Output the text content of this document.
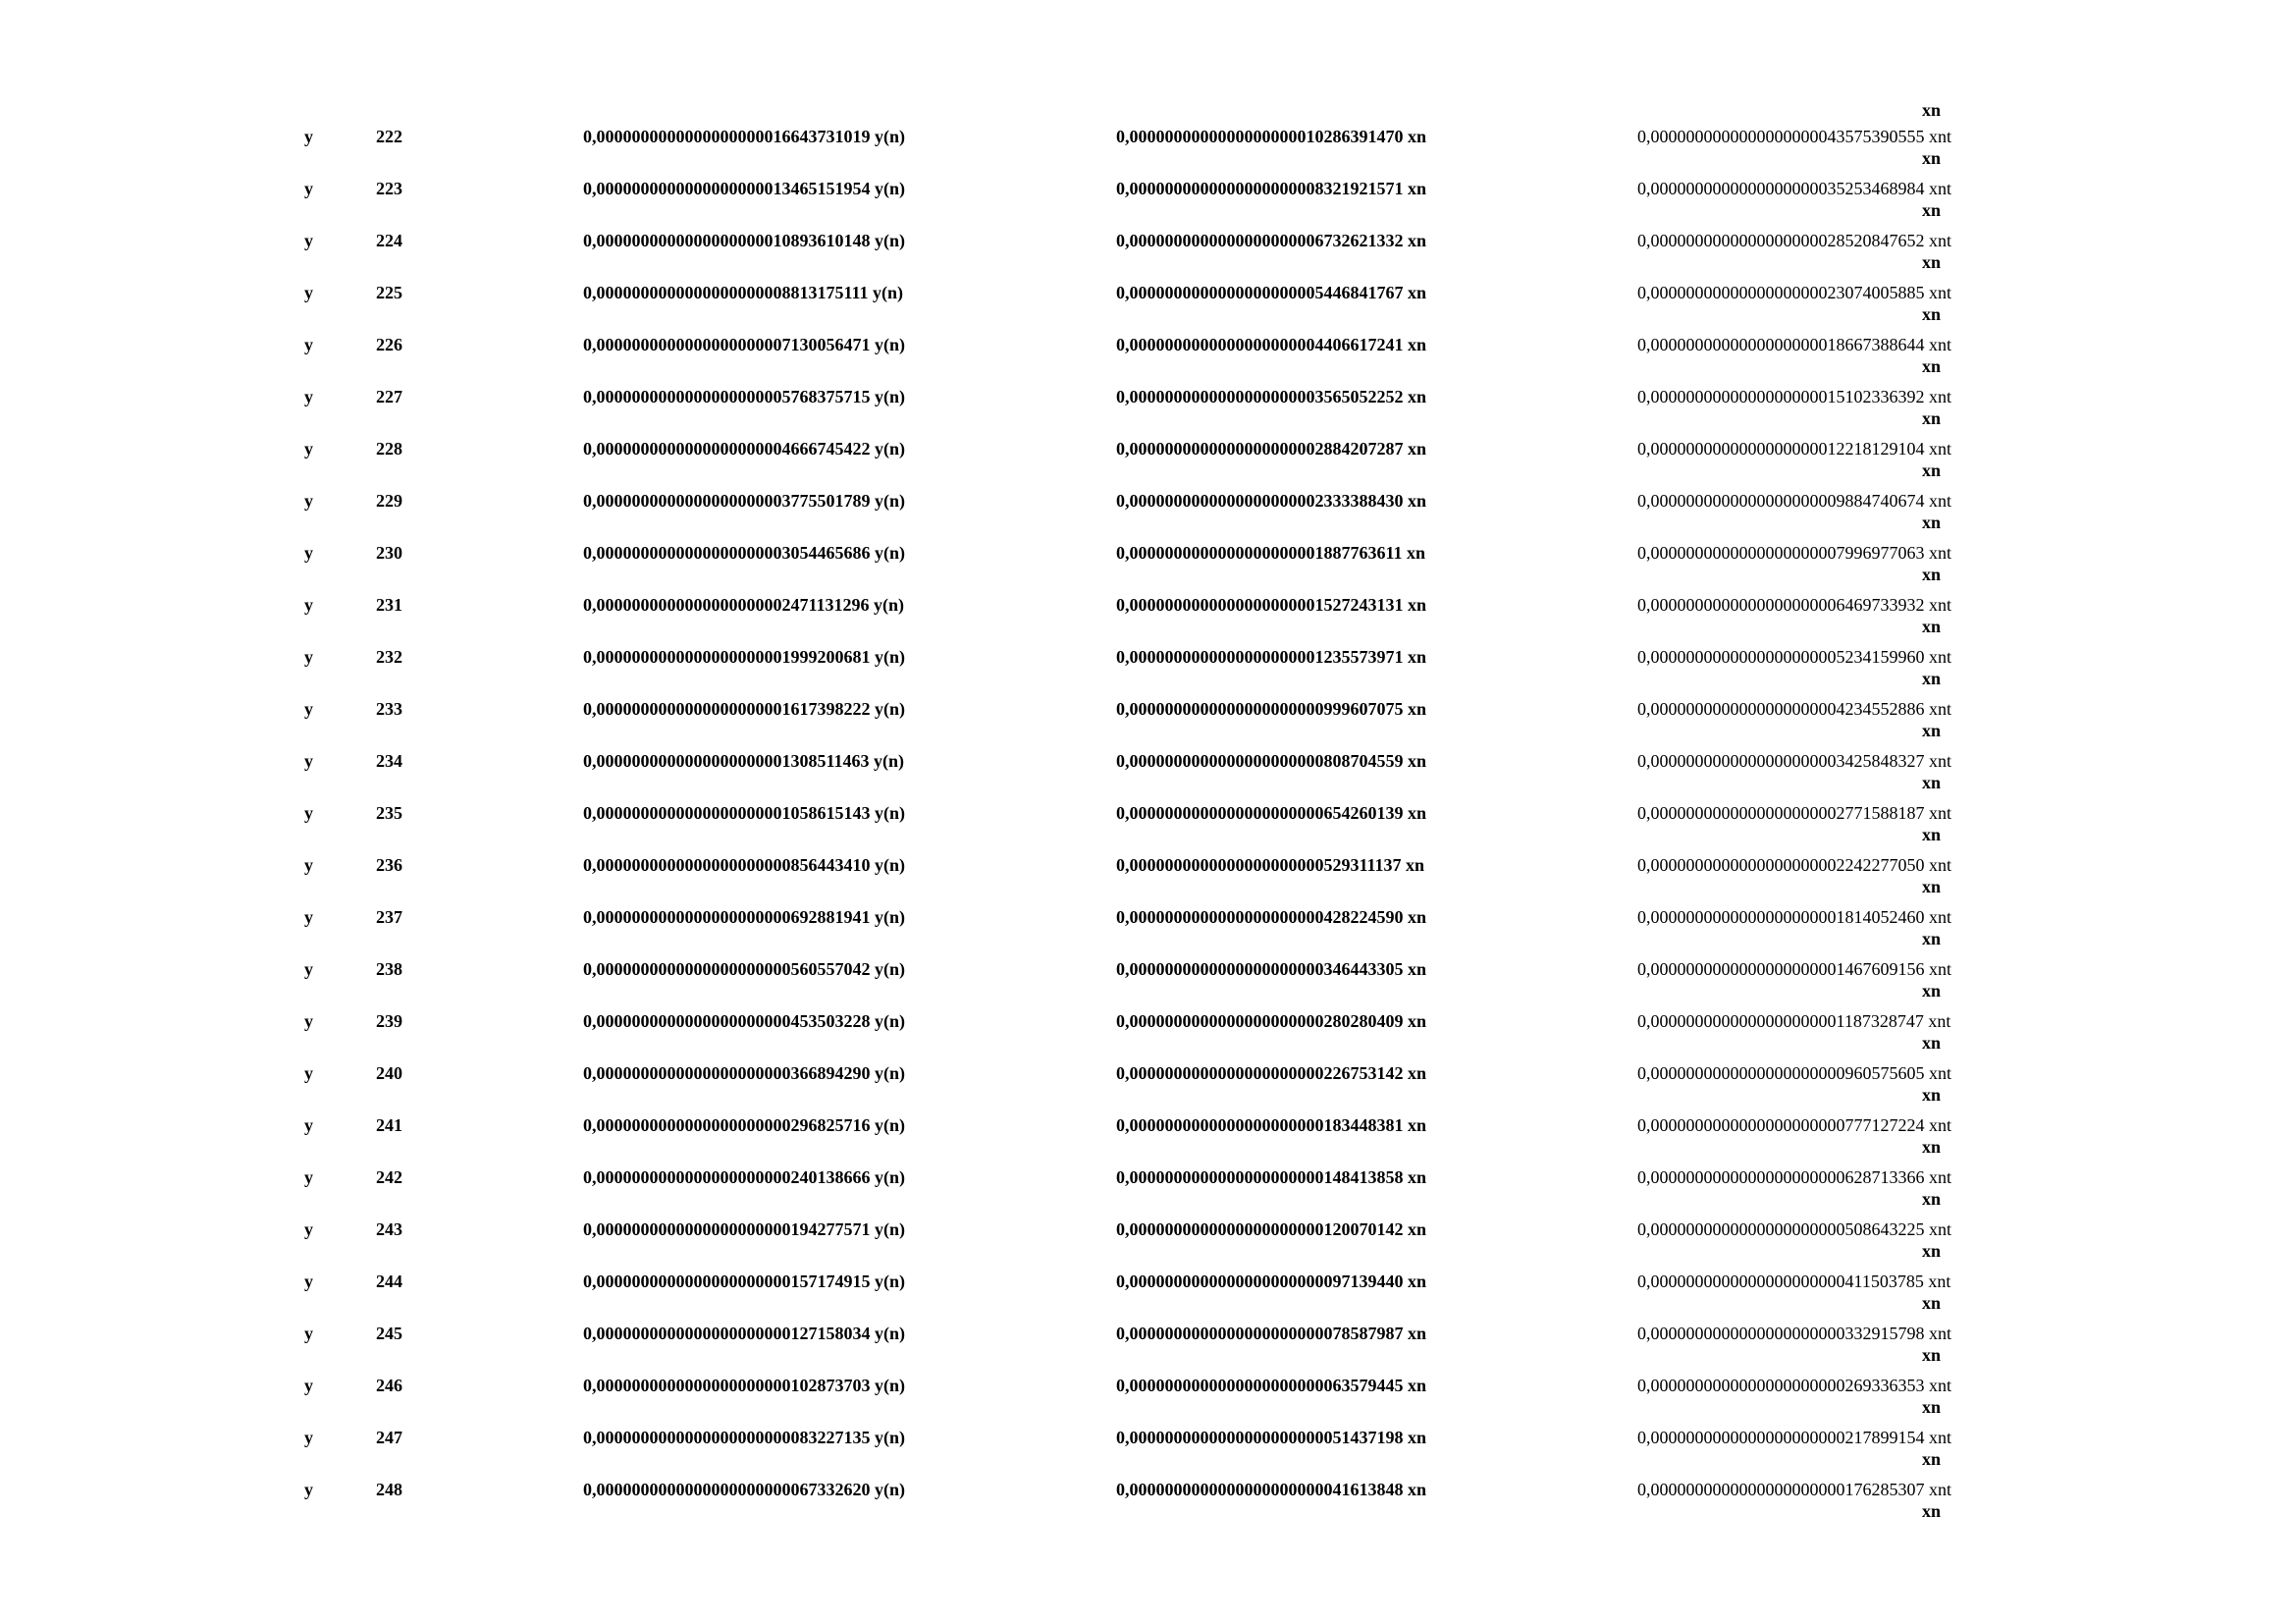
xn
y	222	0,0000000000000000000016643731019 y(n)	0,0000000000000000000010286391470 xn	0,0000000000000000000043575390555 xnt
xn
y	223	0,0000000000000000000013465151954 y(n)	0,0000000000000000000008321921571 xn	0,0000000000000000000035253468984 xnt
xn
y	224	0,0000000000000000000010893610148 y(n)	0,0000000000000000000006732621332 xn	0,0000000000000000000028520847652 xnt
xn
y	225	0,0000000000000000000008813175111 y(n)	0,0000000000000000000005446841767 xn	0,0000000000000000000023074005885 xnt
xn
y	226	0,0000000000000000000007130056471 y(n)	0,0000000000000000000004406617241 xn	0,0000000000000000000018667388644 xnt
xn
y	227	0,0000000000000000000005768375715 y(n)	0,0000000000000000000003565052252 xn	0,0000000000000000000015102336392 xnt
xn
y	228	0,0000000000000000000004666745422 y(n)	0,0000000000000000000002884207287 xn	0,0000000000000000000012218129104 xnt
xn
y	229	0,0000000000000000000003775501789 y(n)	0,0000000000000000000002333388430 xn	0,0000000000000000000009884740674 xnt
xn
y	230	0,0000000000000000000003054465686 y(n)	0,0000000000000000000001887763611 xn	0,0000000000000000000007996977063 xnt
xn
y	231	0,0000000000000000000002471131296 y(n)	0,0000000000000000000001527243131 xn	0,0000000000000000000006469733932 xnt
xn
y	232	0,0000000000000000000001999200681 y(n)	0,0000000000000000000001235573971 xn	0,0000000000000000000005234159960 xnt
xn
y	233	0,0000000000000000000001617398222 y(n)	0,0000000000000000000000999607075 xn	0,0000000000000000000004234552886 xnt
xn
y	234	0,0000000000000000000001308511463 y(n)	0,0000000000000000000000808704559 xn	0,0000000000000000000003425848327 xnt
xn
y	235	0,0000000000000000000001058615143 y(n)	0,0000000000000000000000654260139 xn	0,0000000000000000000002771588187 xnt
xn
y	236	0,0000000000000000000000856443410 y(n)	0,0000000000000000000000529311137 xn	0,0000000000000000000002242277050 xnt
xn
y	237	0,0000000000000000000000692881941 y(n)	0,0000000000000000000000428224590 xn	0,0000000000000000000001814052460 xnt
xn
y	238	0,0000000000000000000000560557042 y(n)	0,0000000000000000000000346443305 xn	0,0000000000000000000001467609156 xnt
xn
y	239	0,0000000000000000000000453503228 y(n)	0,0000000000000000000000280280409 xn	0,0000000000000000000001187328747 xnt
xn
y	240	0,0000000000000000000000366894290 y(n)	0,0000000000000000000000226753142 xn	0,0000000000000000000000960575605 xnt
xn
y	241	0,0000000000000000000000296825716 y(n)	0,0000000000000000000000183448381 xn	0,0000000000000000000000777127224 xnt
xn
y	242	0,0000000000000000000000240138666 y(n)	0,0000000000000000000000148413858 xn	0,0000000000000000000000628713366 xnt
xn
y	243	0,0000000000000000000000194277571 y(n)	0,0000000000000000000000120070142 xn	0,0000000000000000000000508643225 xnt
xn
y	244	0,0000000000000000000000157174915 y(n)	0,0000000000000000000000097139440 xn	0,0000000000000000000000411503785 xnt
xn
y	245	0,0000000000000000000000127158034 y(n)	0,0000000000000000000000078587987 xn	0,0000000000000000000000332915798 xnt
xn
y	246	0,0000000000000000000000102873703 y(n)	0,0000000000000000000000063579445 xn	0,0000000000000000000000269336353 xnt
xn
y	247	0,0000000000000000000000083227135 y(n)	0,0000000000000000000000051437198 xn	0,0000000000000000000000217899154 xnt
xn
y	248	0,0000000000000000000000067332620 y(n)	0,0000000000000000000000041613848 xn	0,0000000000000000000000176285307 xnt
xn
